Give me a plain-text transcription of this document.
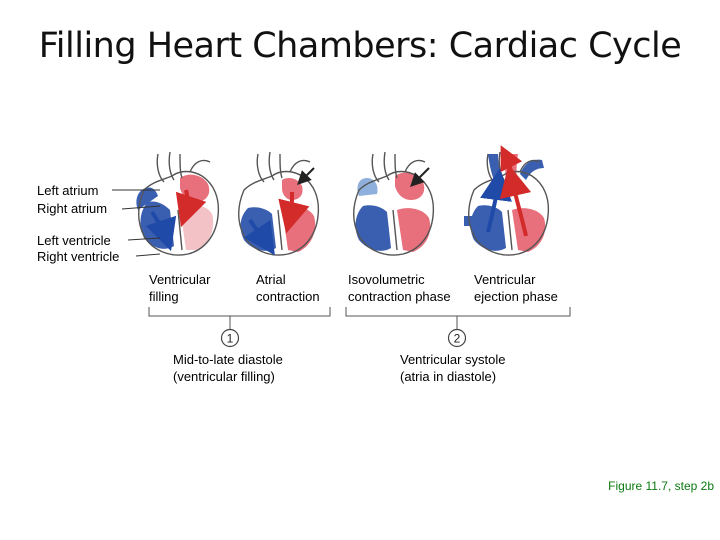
Filling Heart Chambers: Cardiac Cycle
1	2
Left atrium
Right atrium
Left ventricle
Right ventricle
Ventricular
filling
Atrial
contraction
Isovolumetric
contraction phase
Ventricular
ejection phase
Mid-to-late diastole
(ventricular filling)
Ventricular systole
(atria in diastole)
Figure 11.7, step 2b
